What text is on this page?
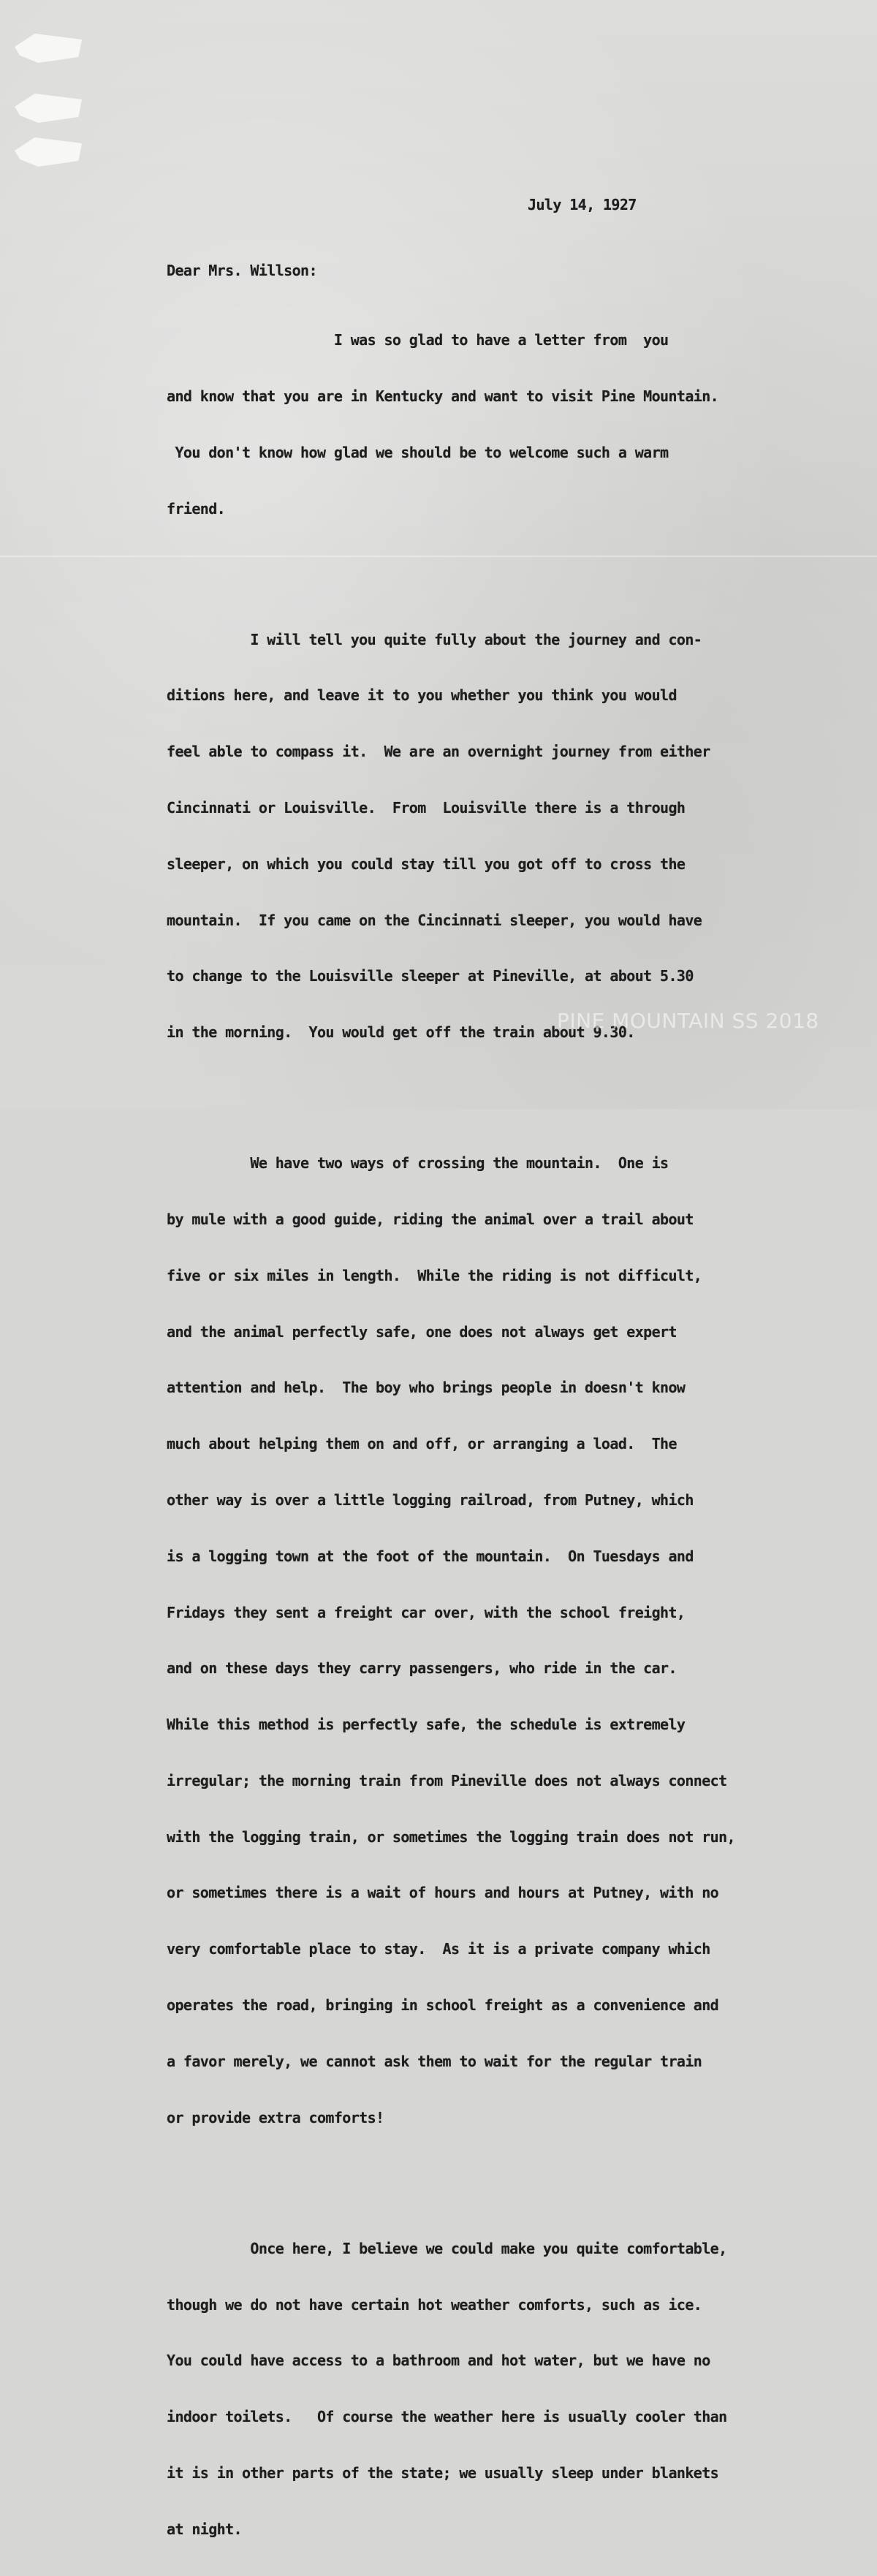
July 14, 1927
Dear Mrs. Willson:

I was so glad to have a letter from  you

and know that you are in Kentucky and want to visit Pine Mountain.

You don't know how glad we should be to welcome such a warm

friend.

I will tell you quite fully about the journey and con-

ditions here, and leave it to you whether you think you would

feel able to compass it.  We are an overnight journey from either

Cincinnati or Louisville.  From  Louisville there is a through

sleeper, on which you could stay till you got off to cross the

mountain.  If you came on the Cincinnati sleeper, you would have

to change to the Louisville sleeper at Pineville, at about 5.30

in the morning.  You would get off the train about 9.30.

We have two ways of crossing the mountain.  One is

by mule with a good guide, riding the animal over a trail about

five or six miles in length.  While the riding is not difficult,

and the animal perfectly safe, one does not always get expert

attention and help.  The boy who brings people in doesn't know

much about helping them on and off, or arranging a load.  The

other way is over a little logging railroad, from Putney, which

is a logging town at the foot of the mountain.  On Tuesdays and

Fridays they sent a freight car over, with the school freight,

and on these days they carry passengers, who ride in the car.

While this method is perfectly safe, the schedule is extremely

irregular; the morning train from Pineville does not always connect

with the logging train, or sometimes the logging train does not run,

or sometimes there is a wait of hours and hours at Putney, with no

very comfortable place to stay.  As it is a private company which

operates the road, bringing in school freight as a convenience and

a favor merely, we cannot ask them to wait for the regular train

or provide extra comforts!

Once here, I believe we could make you quite comfortable,

though we do not have certain hot weather comforts, such as ice.

You could have access to a bathroom and hot water, but we have no

indoor toilets.   Of course the weather here is usually cooler than

it is in other parts of the state; we usually sleep under blankets

at night.

PINE MOUNTAIN SS 2018
